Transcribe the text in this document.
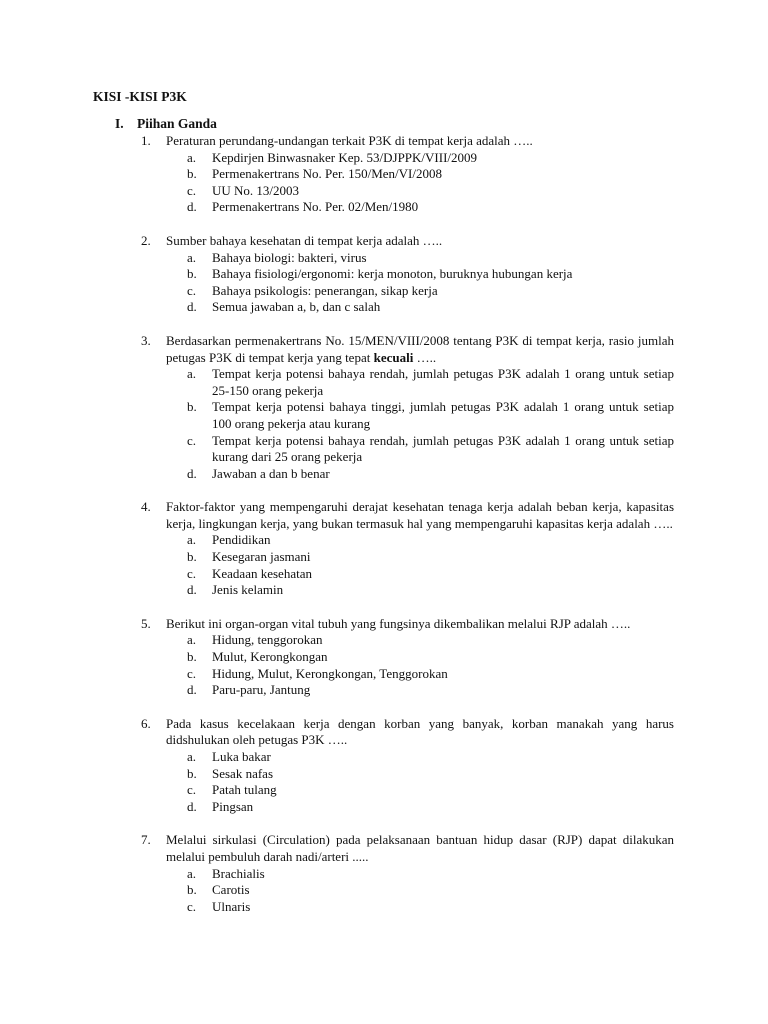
KISI -KISI P3K
I. Piihan Ganda
1. Peraturan perundang-undangan terkait P3K di tempat kerja adalah …..

a. Kepdirjen Binwasnaker Kep. 53/DJPPK/VIII/2009

b. Permenakertrans No. Per. 150/Men/VI/2008

c. UU No. 13/2003

d. Permenakertrans No. Per. 02/Men/1980

2. Sumber bahaya kesehatan di tempat kerja adalah …..

a. Bahaya biologi: bakteri, virus

b. Bahaya fisiologi/ergonomi: kerja monoton, buruknya hubungan kerja

c. Bahaya psikologis: penerangan, sikap kerja

d. Semua jawaban a, b, dan c salah

3. Berdasarkan permenakertrans No. 15/MEN/VIII/2008 tentang P3K di tempat kerja, rasio jumlah petugas P3K di tempat kerja yang tepat kecuali …..

a. Tempat kerja potensi bahaya rendah, jumlah petugas P3K adalah 1 orang untuk setiap 25-150 orang pekerja

b. Tempat kerja potensi bahaya tinggi, jumlah petugas P3K adalah 1 orang untuk setiap 100 orang pekerja atau kurang

c. Tempat kerja potensi bahaya rendah, jumlah petugas P3K adalah 1 orang untuk setiap kurang dari 25 orang pekerja

d. Jawaban a dan b benar

4. Faktor-faktor yang mempengaruhi derajat kesehatan tenaga kerja adalah beban kerja, kapasitas kerja, lingkungan kerja, yang bukan termasuk hal yang mempengaruhi kapasitas kerja adalah …..

a. Pendidikan

b. Kesegaran jasmani

c. Keadaan kesehatan

d. Jenis kelamin

5. Berikut ini organ-organ vital tubuh yang fungsinya dikembalikan melalui RJP adalah …..

a. Hidung, tenggorokan

b. Mulut, Kerongkongan

c. Hidung, Mulut, Kerongkongan, Tenggorokan

d. Paru-paru, Jantung

6. Pada kasus kecelakaan kerja dengan korban yang banyak, korban manakah yang harus didshulukan oleh petugas P3K …..

a. Luka bakar

b. Sesak nafas

c. Patah tulang

d. Pingsan

7. Melalui sirkulasi (Circulation) pada pelaksanaan bantuan hidup dasar (RJP) dapat dilakukan melalui pembuluh darah nadi/arteri .....

a. Brachialis

b. Carotis

c. Ulnaris
